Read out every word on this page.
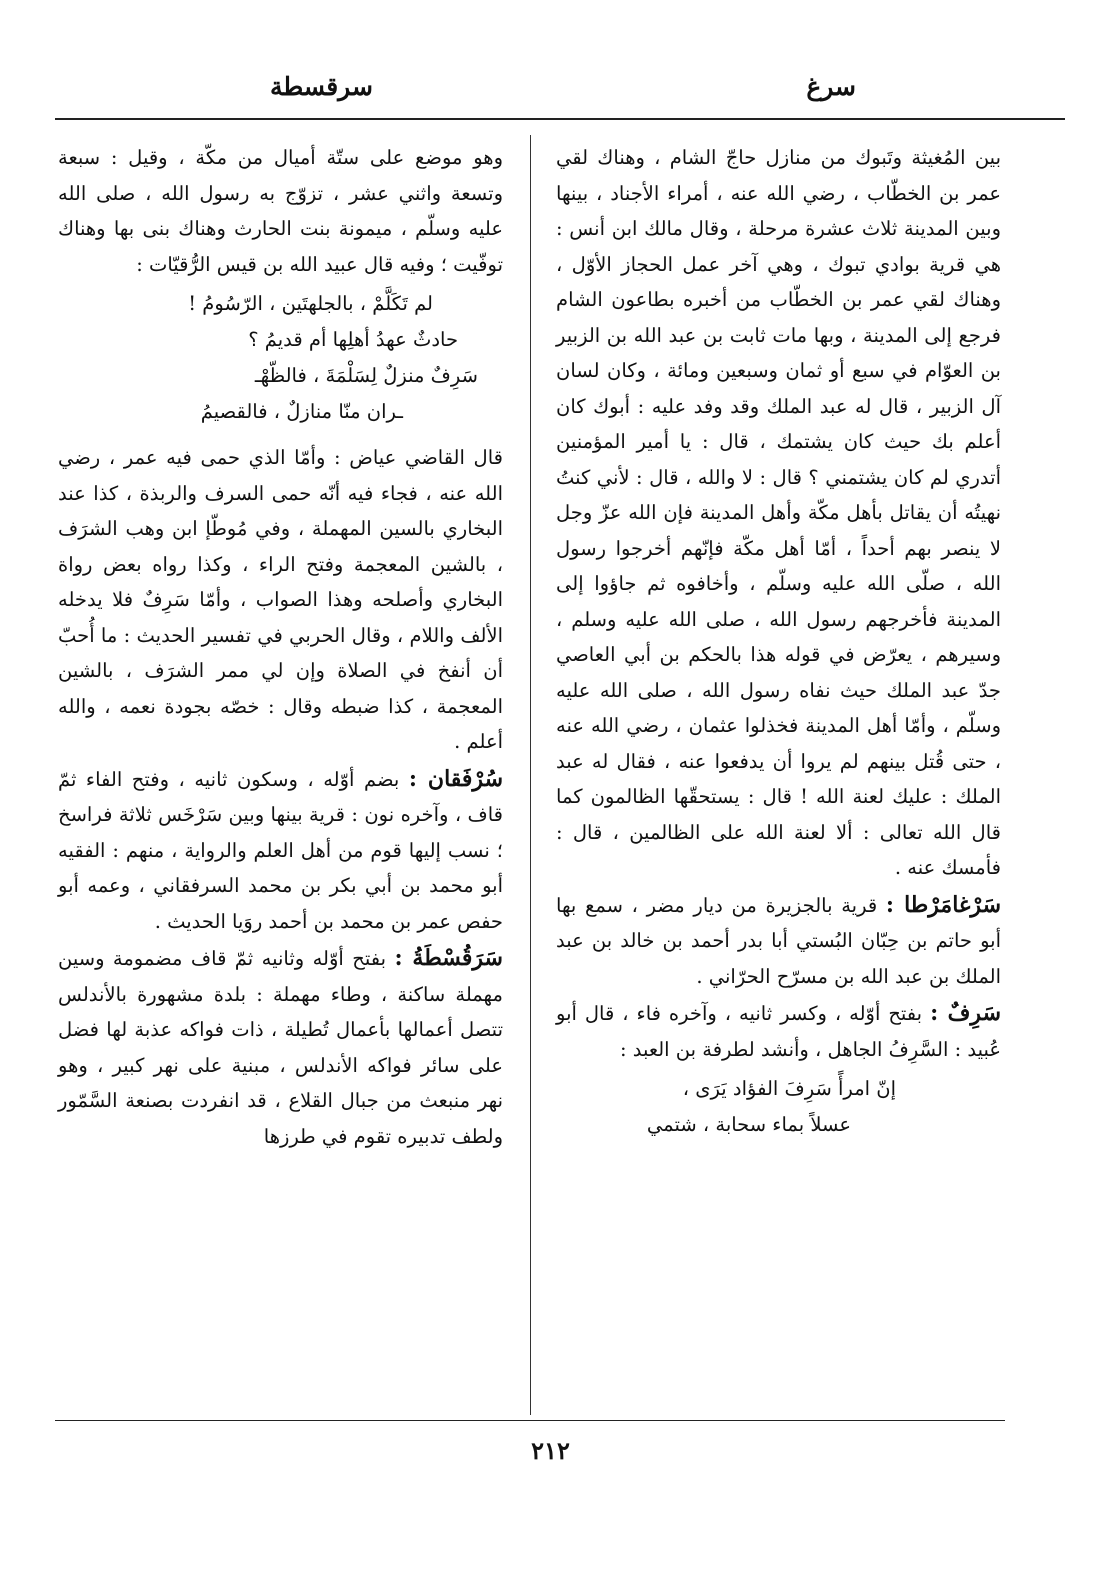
سرغ
سرقسطة

بين المُغيثة وتَبوك من منازل حاجّ الشام ، وهناك لقي عمر بن الخطّاب ، رضي الله عنه ، أمراء الأجناد ، بينها وبين المدينة ثلاث عشرة مرحلة ، وقال مالك ابن أنس : هي قرية بوادي تبوك ، وهي آخر عمل الحجاز الأوّل ، وهناك لقي عمر بن الخطّاب من أخبره بطاعون الشام فرجع إلى المدينة ، وبها مات ثابت بن عبد الله بن الزبير بن العوّام في سبع أو ثمان وسبعين ومائة ، وكان لسان آل الزبير ، قال له عبد الملك وقد وفد عليه : أبوك كان أعلم بك حيث كان يشتمك ، قال : يا أمير المؤمنين أتدري لم كان يشتمني ؟ قال : لا والله ، قال : لأني كنتُ نهيتُه أن يقاتل بأهل مكّة وأهل المدينة فإن الله عزّ وجل لا ينصر بهم أحداً ، أمّا أهل مكّة فإنّهم أخرجوا رسول الله ، صلّى الله عليه وسلّم ، وأخافوه ثم جاؤوا إلى المدينة فأخرجهم رسول الله ، صلى الله عليه وسلم ، وسيرهم ، يعرّض في قوله هذا بالحكم بن أبي العاصي جدّ عبد الملك حيث نفاه رسول الله ، صلى الله عليه وسلّم ، وأمّا أهل المدينة فخذلوا عثمان ، رضي الله عنه ، حتى قُتل بينهم لم يروا أن يدفعوا عنه ، فقال له عبد الملك : عليك لعنة الله ! قال : يستحقّها الظالمون كما قال الله تعالى : ألا لعنة الله على الظالمين ، قال : فأمسك عنه .

سَرْغامَرْطا : قرية بالجزيرة من ديار مضر ، سمع بها أبو حاتم بن حِبّان البُستي أبا بدر أحمد بن خالد بن عبد الملك بن عبد الله بن مسرّح الحرّاني .

سَرِفٌ : بفتح أوّله ، وكسر ثانيه ، وآخره فاء ، قال أبو عُبيد : السَّرِفُ الجاهل ، وأنشد لطرفة بن العبد :

إنّ امرأً سَرِفَ الفؤاد يَرَى ،
عسلاً بماء سحابة ، شتمي

وهو موضع على ستّة أميال من مكّة ، وقيل : سبعة وتسعة واثني عشر ، تزوّج به رسول الله ، صلى الله عليه وسلّم ، ميمونة بنت الحارث وهناك بنى بها وهناك توفّيت ؛ وفيه قال عبيد الله بن قيس الرُّقيّات :

لم تَكَلَّمْ ، بالجلهتَين ، الرّسُومُ !
حادثٌ عهدُ أهلِها أم قديمُ ؟
سَرِفٌ منزلٌ لِسَلْمَةَ ، فالظّهْـ
ـران منّا منازلٌ ، فالقصيمُ

قال القاضي عياض : وأمّا الذي حمى فيه عمر ، رضي الله عنه ، فجاء فيه أنّه حمى السرف والربذة ، كذا عند البخاري بالسين المهملة ، وفي مُوطّإ ابن وهب الشرَف ، بالشين المعجمة وفتح الراء ، وكذا رواه بعض رواة البخاري وأصلحه وهذا الصواب ، وأمّا سَرِفٌ فلا يدخله الألف واللام ، وقال الحربي في تفسير الحديث : ما أُحبّ أن أنفخ في الصلاة وإن لي ممر الشرَف ، بالشين المعجمة ، كذا ضبطه وقال : خصّه بجودة نعمه ، والله أعلم .

سُرْفَقان : بضم أوّله ، وسكون ثانيه ، وفتح الفاء ثمّ قاف ، وآخره نون : قرية بينها وبين سَرْخَس ثلاثة فراسخ ؛ نسب إليها قوم من أهل العلم والرواية ، منهم : الفقيه أبو محمد بن أبي بكر بن محمد السرفقاني ، وعمه أبو حفص عمر بن محمد بن أحمد روَيا الحديث .

سَرَقُسْطَةُ : بفتح أوّله وثانيه ثمّ قاف مضمومة وسين مهملة ساكنة ، وطاء مهملة : بلدة مشهورة بالأندلس تتصل أعمالها بأعمال تُطيلة ، ذات فواكه عذبة لها فضل على سائر فواكه الأندلس ، مبنية على نهر كبير ، وهو نهر منبعث من جبال القلاع ، قد انفردت بصنعة السَّمّور ولطف تدبيره تقوم في طرزها

٢١٢
